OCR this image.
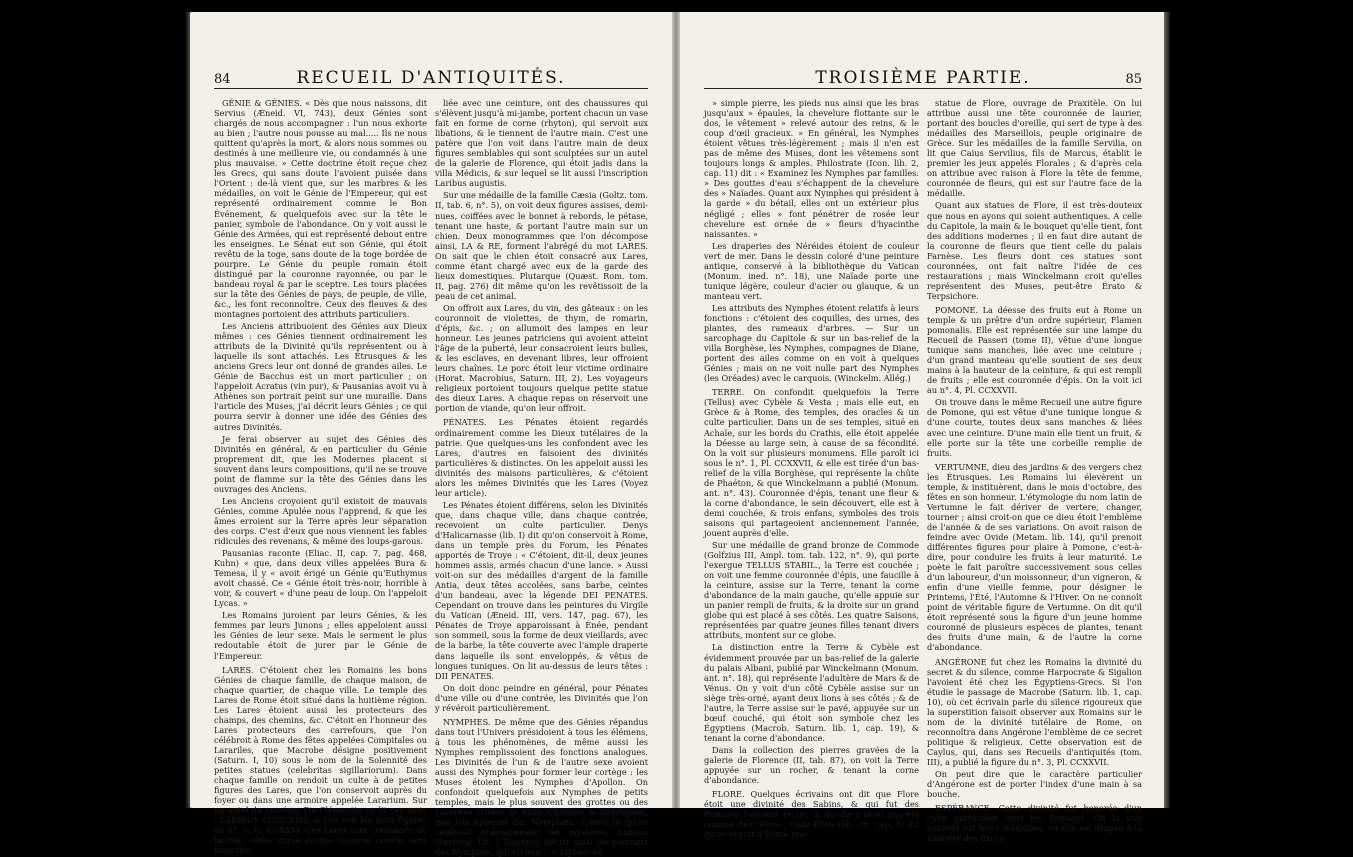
84	RECUEIL D'ANTIQUITÉS.

GÉNIE & GÉNIES. « Dès que nous naissons, dit Servius (Æneid. VI, 743), deux Génies sont chargés de nous accompagner : l'un nous exhorte au bien ; l'autre nous pousse au mal..... Ils ne nous quittent qu'après la mort, & alors nous sommes ou destinés à une meilleure vie, ou condamnés à une plus mauvaise. » Cette doctrine étoit reçue chez les Grecs, qui sans doute l'avoient puisée dans l'Orient : de-là vient que, sur les marbres & les médailles, on voit le Génie de l'Empereur, qui est représenté ordinairement comme le Bon Événement, & quelquefois avec sur la tête le panier, symbole de l'abondance. On y voit aussi le Génie des Armées, qui est représenté debout entre les enseignes. Le Sénat eut son Génie, qui étoit revêtu de la toge, sans doute de la toge bordée de pourpre. Le Génie du peuple romain étoit distingué par la couronne rayonnée, ou par le bandeau royal & par le sceptre. Les tours placées sur la tête des Génies de pays, de peuple, de ville, &c., les font reconnoître. Ceux des fleuves & des montagnes portoient des attributs particuliers.

Les Anciens attribuoient des Génies aux Dieux mêmes : ces Génies tiennent ordinairement les attributs de la Divinité qu'ils représentent ou à laquelle ils sont attachés. Les Étrusques & les anciens Grecs leur ont donné de grandes ailes. Le Génie de Bacchus est un mort particulier ; on l'appeloit Acratus (vin pur), & Pausanias avoit vu à Athènes son portrait peint sur une muraille. Dans l'article des Muses, j'ai décrit leurs Génies ; ce qui pourra servir à donner une idée des Génies des autres Divinités.

Je ferai observer au sujet des Génies des Divinités en général, & en particulier du Génie proprement dit, que les Modernes placent si souvent dans leurs compositions, qu'il ne se trouve point de flamme sur la tête des Génies dans les ouvrages des Anciens.

Les Anciens croyoient qu'il existoit de mauvais Génies, comme Apulée nous l'apprend, & que les âmes erroient sur la Terre après leur séparation des corps. C'est d'eux que nous viennent les fables ridicules des revenans, & même des loups-garous.

Pausanias raconte (Eliac. II, cap. 7, pag. 468, Kuhn) « que, dans deux villes appelées Bura & Temesa, il y « avoit érigé un Génie qu'Euthymus avoit chassé. Ce « Génie étoit très-noir, horrible à voir, & couvert « d'une peau de loup. On l'appeloit Lycas. »

Les Romains juroient par leurs Génies, & les femmes par leurs Junons ; elles appeloient aussi les Génies de leur sexe. Mais le serment le plus redoutable étoit de jurer par le Génie de l'Empereur.

LARES. C'étoient chez les Romains les bons Génies de chaque famille, de chaque maison, de chaque quartier, de chaque ville. Le temple des Lares de Rome étoit situé dans la huitième région. Les Lares étoient aussi les protecteurs des champs, des chemins, &c. C'étoit en l'honneur des Lares protecteurs des carrefours, que l'on célébroit à Rome des fêtes appelées Compitales ou Larariles, que Macrobe désigne positivement (Saturn. I, 10) sous le nom de la Solennité des petites statues (celebritas sigillariorum). Dans chaque famille on rendoit un culte à de petites figures des Lares, que l'on conservoit auprès du foyer ou dans une armoire appelée Lararium. Sur un autel du muséum Pio-Clémentin on lit ces mots : LARIBUS AUGUSTIS, & l'on voit les deux figures du n°. 3, Pl. CCXXVI. Ces Lares sont couronnés de laurier, vêtus d'une simple tunique courte sans manches,

liée avec une ceinture, ont des chaussures qui s'élèvent jusqu'à mi-jambe, portent chacun un vase fait en forme de corne (rhyton), qui servoit aux libations, & le tiennent de l'autre main. C'est une patère que l'on voit dans l'autre main de deux figures semblables qui sont sculptées sur un autel de la galerie de Florence, qui étoit jadis dans la villa Médicis, & sur lequel se lit aussi l'inscription Laribus augustis.

Sur une médaille de la famille Cæsia (Goltz. tom. II, tab. 6, n°. 5), on voit deux figures assises, demi-nues, coiffées avec le bonnet à rebords, le pétase, tenant une haste, & portant l'autre main sur un chien. Deux monogrammes que l'on décompose ainsi, LA & RE, forment l'abrégé du mot LARES. On sait que le chien étoit consacré aux Lares, comme étant chargé avec eux de la garde des lieux domestiques. Plutarque (Quæst. Rom. tom. II, pag. 276) dit même qu'on les revêtissoit de la peau de cet animal.

On offroit aux Lares, du vin, des gâteaux : on les couronnoit de violettes, de thym, de romarin, d'épis, &c. ; on allumoit des lampes en leur honneur. Les jeunes patriciens qui avoient atteint l'âge de la puberté, leur consacroient leurs bulles, & les esclaves, en devenant libres, leur offroient leurs chaînes. Le porc étoit leur victime ordinaire (Horat. Macrobius, Saturn. III, 2). Les voyageurs religieux portoient toujours quelque petite statue des dieux Lares. A chaque repas on réservoit une portion de viande, qu'on leur offroit.

PÉNATES. Les Pénates étoient regardés ordinairement comme les Dieux tutélaires de la patrie. Que quelques-uns les confondent avec les Lares, d'autres en faisoient des divinités particulières & distinctes. On les appeloit aussi les divinités des maisons particulières, & c'étoient alors les mêmes Divinités que les Lares (Voyez leur article).

Les Pénates étoient différens, selon les Divinités que, dans chaque ville, dans chaque contrée, recevoient un culte particulier. Denys d'Halicarnasse (lib. I) dit qu'on conservoit à Rome, dans un temple près du Forum, les Pénates apportés de Troye : « C'étoient, dit-il, deux jeunes hommes assis, armés chacun d'une lance. » Aussi voit-on sur des médailles d'argent de la famille Antia, deux têtes accolées, sans barbe, ceintes d'un bandeau, avec la légende DEI PENATES. Cependant on trouve dans les peintures du Virgile du Vatican (Æneid. III, vers. 147, pag. 67), les Pénates de Troye apparoissant à Énée, pendant son sommeil, sous la forme de deux vieillards, avec de la barbe, la tête couverte avec l'ample draperie dans laquelle ils sont enveloppés, & vêtus de longues tuniques. On lit au-dessus de leurs têtes : DII PENATES.

On doit donc peindre en général, pour Pénates d'une ville ou d'une contrée, les Divinités que l'on y révéroit particulièrement.

NYMPHES. De même que des Génies répandus dans tout l'Univers présidoient à tous les élémens, à tous les phénomènes, de même aussi les Nymphes remplissoient des fonctions analogues. Les Divinités de l'un & de l'autre sexe avoient aussi des Nymphes pour former leur cortège : les Muses étoient les Nymphes d'Apollon. On confondoit quelquefois aux Nymphes de petits temples, mais le plus souvent des grottes ou des cavernes ornées de main d'homme & ombragées, que l'on appeloit des Nymphæa. C'étoit là qu'on célébroit ordinairement les mystères. Longus (Pastoral. lib. 1 Daphnis) décrit ainsi les portraits des Nymphes, qui étoient « sculptées en

TROISIÈME PARTIE.	85

» simple pierre, les pieds nus ainsi que les bras jusqu'aux » épaules, la chevelure flottante sur le dos, le vêtement » relevé autour des reins, & le coup d'œil gracieux. » En général, les Nymphes étoient vêtues très-légèrement ; mais il n'en est pas de même des Muses, dont les vêtemens sont toujours longs & amples. Philostrate (Icon. lib. 2, cap. 11) dit : « Examinez les Nymphes par familles. » Des gouttes d'eau s'échappent de la chevelure des » Naïades. Quant aux Nymphes qui président à la garde » du bétail, elles ont un extérieur plus négligé ; elles » font pénétrer de rosée leur chevelure est ornée de » fleurs d'hyacinthe naissantes. »

Les draperies des Néréides étoient de couleur vert de mer. Dans le dessin coloré d'une peinture antique, conservé à la bibliothèque du Vatican (Monum. ined. n°. 18), une Naïade porte une tunique légère, couleur d'acier ou glauque, & un manteau vert.

Les attributs des Nymphes étoient relatifs à leurs fonctions : c'étoient des coquilles, des urnes, des plantes, des rameaux d'arbres. — Sur un sarcophage du Capitole & sur un bas-relief de la villa Borghèse, les Nymphes, compagnes de Diane, portent des ailes comme on en voit à quelques Génies ; mais on ne voit nulle part des Nymphes (les Oréades) avec le carquois. (Winckelm. Allég.)

TERRE. On confondit quelquefois la Terre (Tellus) avec Cybèle & Vesta ; mais elle eut, en Grèce & à Rome, des temples, des oracles & un culte particulier. Dans un de ses temples, situé en Achaïe, sur les bords du Crathis, elle étoit appelée la Déesse au large sein, à cause de sa fécondité. On la voit sur plusieurs monumens. Elle paroît ici sous le n°. 1, Pl. CCXXVII, & elle est tirée d'un bas-relief de la villa Borghèse, qui représente la chûte de Phaéton, & que Winckelmann a publié (Monum. ant. n°. 43). Couronnée d'épis, tenant une fleur & la corne d'abondance, le sein découvert, elle est à demi couchée, & trois enfans, symboles des trois saisons qui partageoient anciennement l'année, jouent auprès d'elle.

Sur une médaille de grand bronze de Commode (Golfzius III, Ampl. tom. tab. 122, n°. 9), qui porte l'exergue TELLUS STABIL., la Terre est couchée ; on voit une femme couronnée d'épis, une faucille à la ceinture, assise sur la Terre, tenant la corne d'abondance de la main gauche, qu'elle appuie sur un panier rempli de fruits, & la droite sur un grand globe qui est placé à ses côtés. Les quatre Saisons, représentées par quatre jeunes filles tenant divers attributs, montent sur ce globe.

La distinction entre la Terre & Cybèle est évidemment prouvée par un bas-relief de la galerie du palais Albani, publié par Winckelmann (Monum. ant. n°. 18), qui représente l'adultère de Mars & de Vénus. On y voit d'un côté Cybèle assise sur un siège très-orné, ayant deux lions à ses côtés ; & de l'autre, la Terre assise sur le pavé, appuyée sur un bœuf couché, qui étoit son symbole chez les Égyptiens (Macrob. Saturn. lib. 1, cap. 19), & tenant la corne d'abondance.

Dans la collection des pierres gravées de la galerie de Florence (II, tab. 87), on voit la Terre appuyée sur un rocher, & tenant la corne d'abondance.

FLORE. Quelques écrivains ont dit que Flore étoit une divinité des Sabins, & qui fut des Romains l'avoient reçue, & qu'elle n'avoit pas été connue des Grecs ; mais Pline (lib. 36, cap. 5) dit qu'on voyoit à Rome une

statue de Flore, ouvrage de Praxitèle. On lui attribue aussi une tête couronnée de laurier, portant des boucles d'oreille, qui sert de type à des médailles des Marseillois, peuple originaire de Grèce. Sur les médailles de la famille Servilia, on lit que Caius Servilius, fils de Marcus, établit le premier les jeux appelés Florales ; & d'après cela on attribue avec raison à Flore la tête de femme, couronnée de fleurs, qui est sur l'autre face de la médaille.

Quant aux statues de Flore, il est très-douteux que nous en ayons qui soient authentiques. A celle du Capitole, la main & le bouquet qu'elle tient, font des additions modernes ; il en faut dire autant de la couronne de fleurs que tient celle du palais Farnèse. Les fleurs dont ces statues sont couronnées, ont fait naître l'idée de ces restaurations ; mais Winckelmann croit qu'elles représentent des Muses, peut-être Érato & Terpsichore.

POMONE. La déesse des fruits eut à Rome un temple & un prêtre d'un ordre supérieur, Flamen pomonalis. Elle est représentée sur une lampe du Recueil de Passeri (tome II), vêtue d'une longue tunique sans manches, liée avec une ceinture ; d'un grand manteau qu'elle soutient de ses deux mains à la hauteur de la ceinture, & qui est rempli de fruits ; elle est couronnée d'épis. On la voit ici au n°. 4, Pl. CCXXVII.

On trouve dans le même Recueil une autre figure de Pomone, qui est vêtue d'une tunique longue & d'une courte, toutes deux sans manches & liées avec une ceinture. D'une main elle tient un fruit, & elle porte sur la tête une corbeille remplie de fruits.

VERTUMNE, dieu des jardins & des vergers chez les Étrusques. Les Romains lui élevèrent un temple, & instituèrent, dans le mois d'octobre, des fêtes en son honneur. L'étymologie du nom latin de Vertumne le fait dériver de vertere, changer, tourner ; ainsi croit-on que ce dieu étoit l'emblème de l'année & de ses variations. On avoit raison de feindre avec Ovide (Metam. lib. 14), qu'il prenoit différentes figures pour plaire à Pomone, c'est-à-dire, pour conduire les fruits à leur maturité. Le poète le fait paroître successivement sous celles d'un laboureur, d'un moissonneur, d'un vigneron, & enfin d'une vieille femme, pour désigner le Printems, l'Été, l'Automne & l'Hiver. On ne connoît point de véritable figure de Vertumne. On dit qu'il étoit représenté sous la figure d'un jeune homme couronné de plusieurs espèces de plantes, tenant des fruits d'une main, & de l'autre la corne d'abondance.

ANGÉRONE fut chez les Romains la divinité du secret & du silence, comme Harpocrate & Sigalion l'avoient été chez les Égyptiens-Grecs. Si l'on étudie le passage de Macrobe (Saturn. lib. 1, cap. 10), où cet écrivain parle du silence rigoureux que la superstition faisoit observer aux Romains sur le nom de la divinité tutélaire de Rome, on reconnoîtra dans Angérone l'emblème de ce secret politique & religieux. Cette observation est de Caylus, qui, dans ses Recueils d'antiquités (tom. III), a publié la figure du n°. 3, Pl. CCXXVII.

On peut dire que le caractère particulier d'Angérone est de porter l'index d'une main à sa bouche.

ESPÉRANCE. Cette divinité fut honorée d'un culte particulier chez les Romains. On la voit souvent sur leurs médailles, où elle est drapée à la manière des Étrus-
